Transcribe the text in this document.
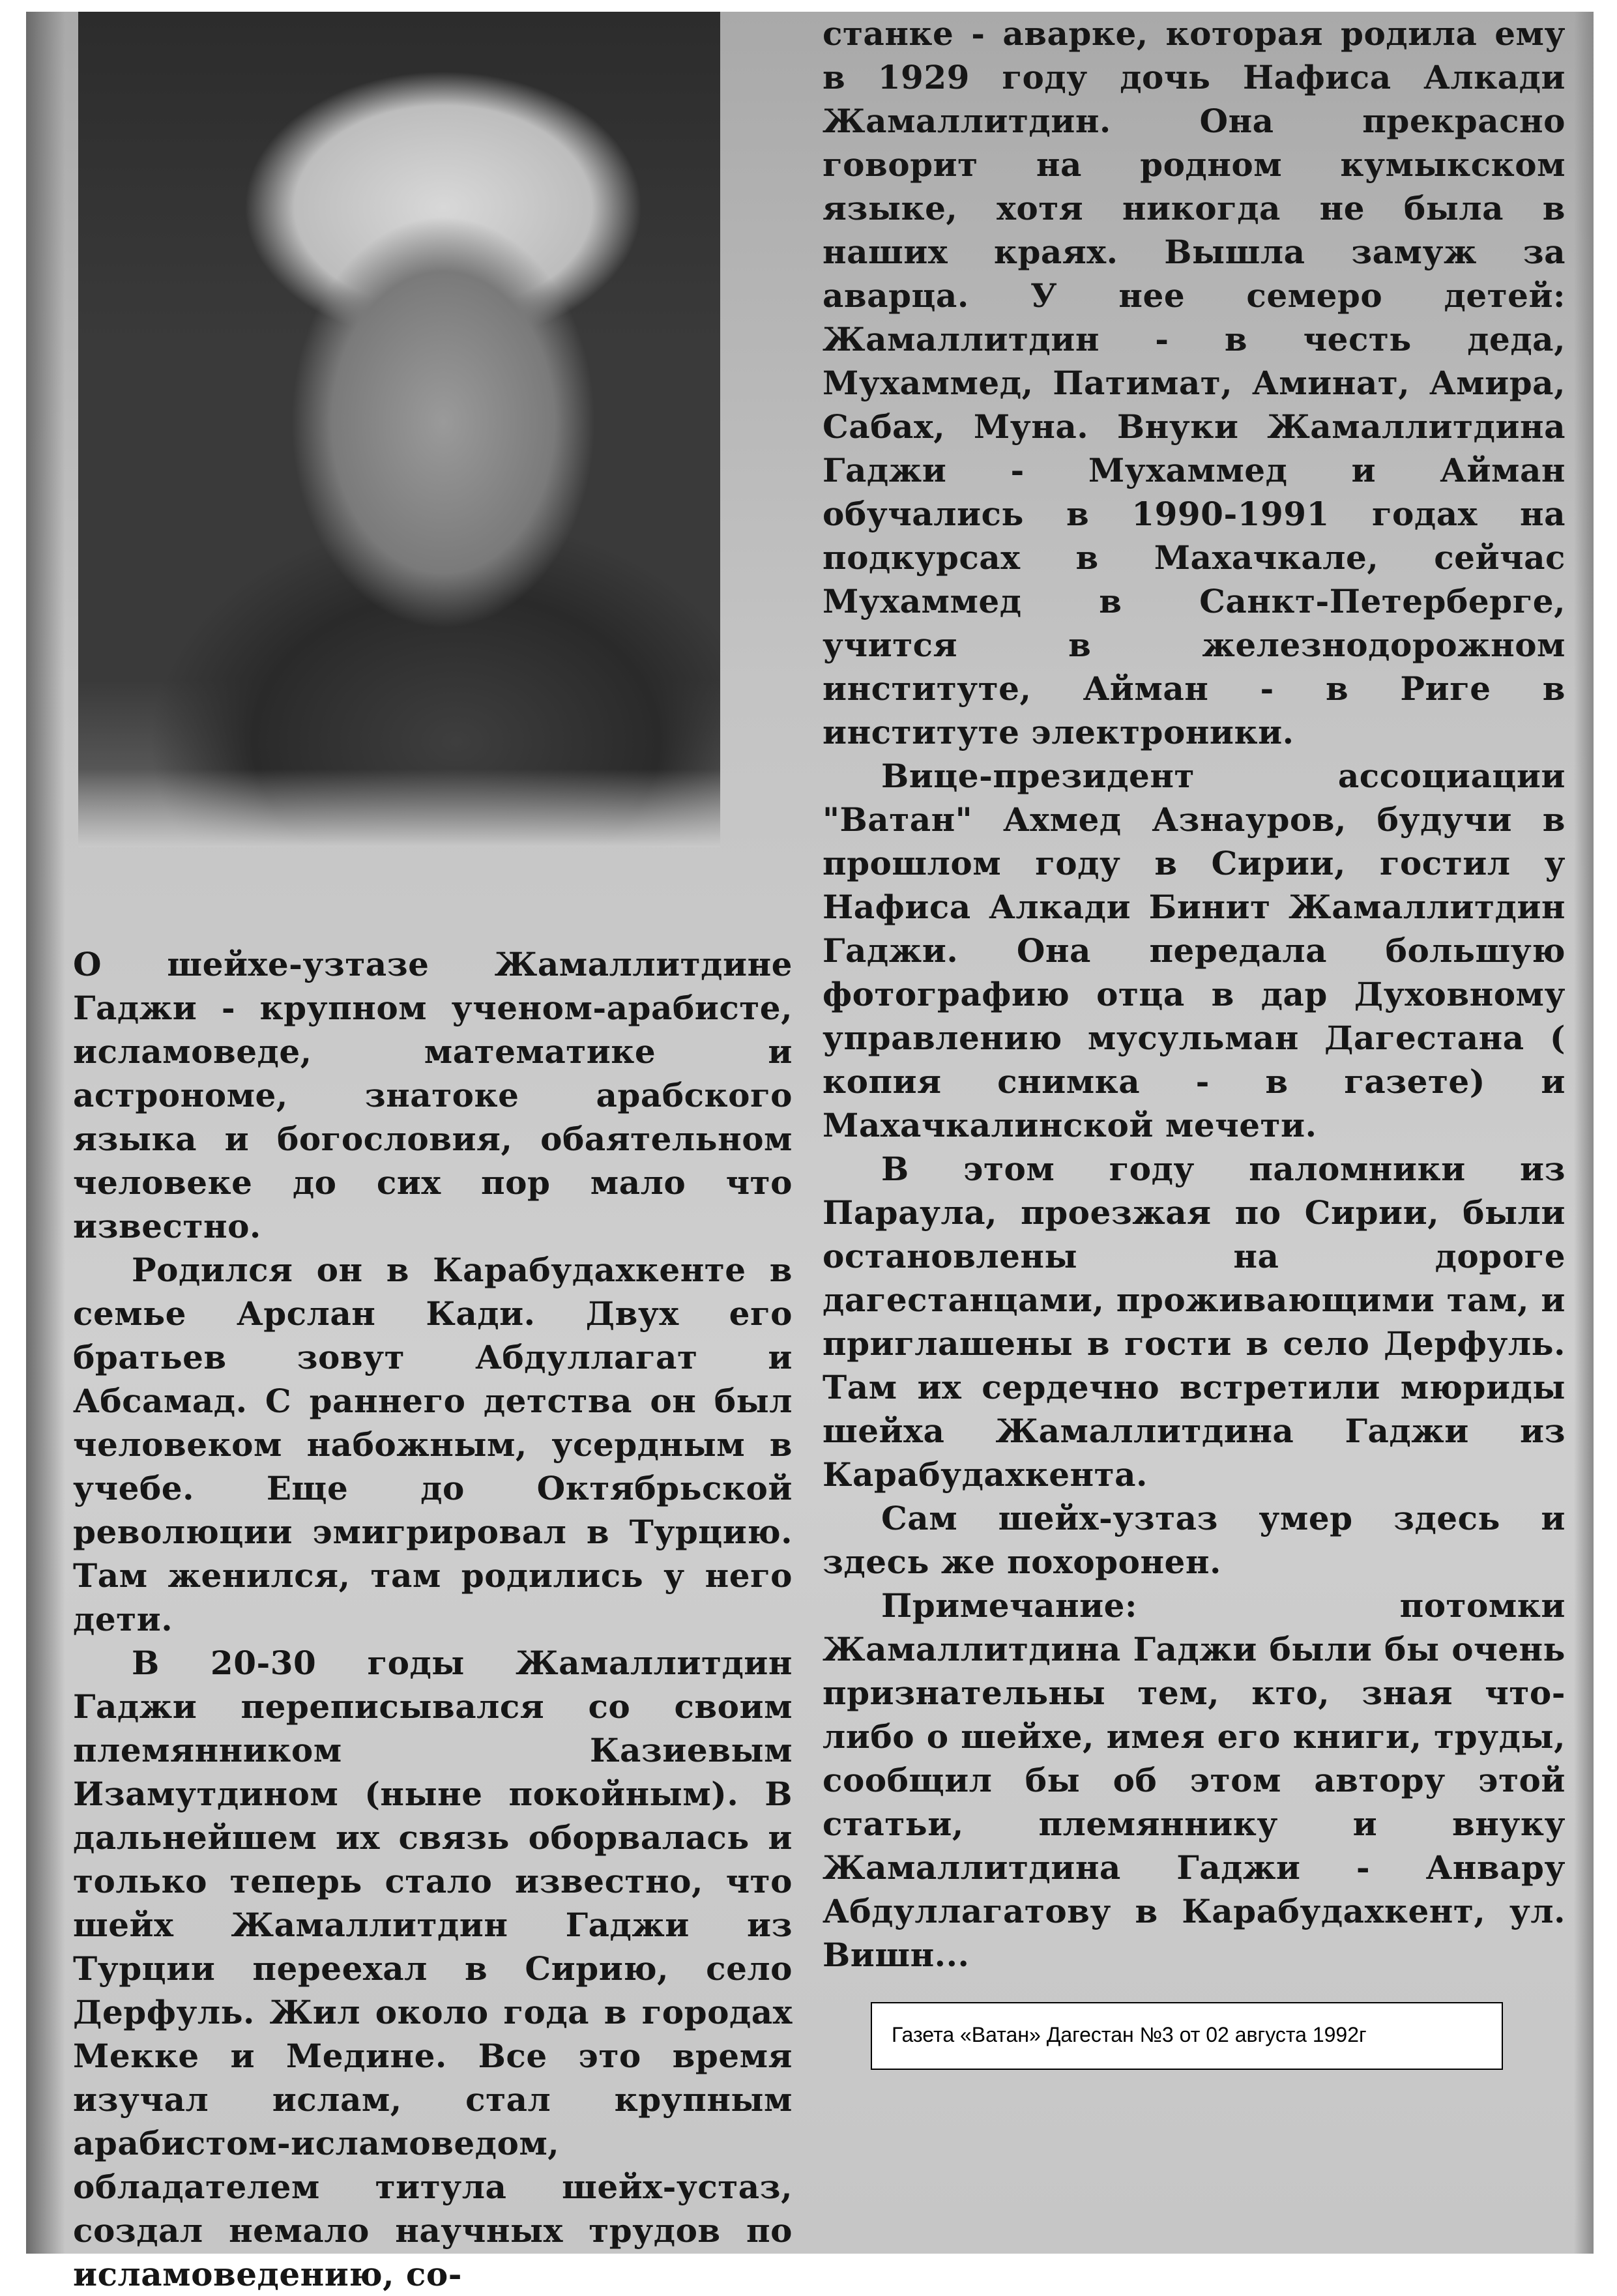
О шейхе-узтазе Жамаллитдине Гаджи - крупном ученом-арабисте, исламоведе, математике и астрономе, знатоке арабского языка и богословия, обаятельном человеке до сих пор мало что известно.

Родился он в Карабудахкенте в семье Арслан Кади. Двух его братьев зовут Абдуллагат и Абсамад. С раннего детства он был человеком набожным, усердным в учебе. Еще до Октябрьской революции эмигрировал в Турцию. Там женился, там родились у него дети.

В 20-30 годы Жамаллитдин Гаджи переписывался со своим племянником Казиевым Изамутдином (ныне покойным). В дальнейшем их связь оборвалась и только теперь стало известно, что шейх Жамаллитдин Гаджи из Турции переехал в Сирию, село Дерфуль. Жил около года в городах Мекке и Медине. Все это время изучал ислам, стал крупным арабистом-исламоведом, обладателем титула шейх-устаз, создал немало научных трудов по исламоведению, со-

станке - аварке, которая родила ему в 1929 году дочь Нафиса Алкади Жамаллитдин. Она прекрасно говорит на родном кумыкском языке, хотя никогда не была в наших краях. Вышла замуж за аварца. У нее семеро детей: Жамаллитдин - в честь деда, Мухаммед, Патимат, Аминат, Амира, Сабах, Муна. Внуки Жамаллитдина Гаджи - Мухаммед и Айман обучались в 1990-1991 годах на подкурсах в Махачкале, сейчас Мухаммед в Санкт-Петерберге, учится в железнодорожном институте, Айман - в Риге в институте электроники.

Вице-президент ассоциации "Ватан" Ахмед Азнауров, будучи в прошлом году в Сирии, гостил у Нафиса Алкади Бинит Жамаллитдин Гаджи. Она передала большую фотографию отца в дар Духовному управлению мусульман Дагестана ( копия снимка - в газете) и Махачкалинской мечети.

В этом году паломники из Параула, проезжая по Сирии, были остановлены на дороге дагестанцами, проживающими там, и приглашены в гости в село Дерфуль. Там их сердечно встретили мюриды шейха Жамаллитдина Гаджи из Карабудахкента.

Сам шейх-узтаз умер здесь и здесь же похоронен.

Примечание: потомки Жамаллитдина Гаджи были бы очень признательны тем, кто, зная что-либо о шейхе, имея его книги, труды, сообщил бы об этом автору этой статьи, племяннику и внуку Жамаллитдина Гаджи - Анвару Абдуллагатову в Карабудахкент, ул. Вишн...

Газета «Ватан» Дагестан №3 от 02 августа 1992г
